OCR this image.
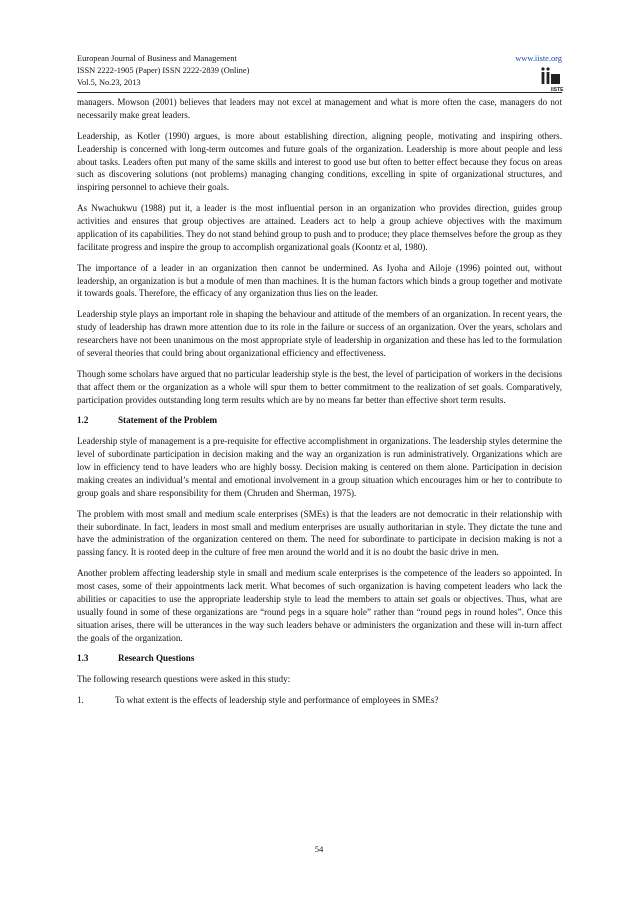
European Journal of Business and Management
ISSN 2222-1905 (Paper) ISSN 2222-2839 (Online)
Vol.5, No.23, 2013
www.iiste.org
IISTE

managers. Mowson (2001) believes that leaders may not excel at management and what is more often the case, managers do not necessarily make great leaders.

Leadership, as Kotler (1990) argues, is more about establishing direction, aligning people, motivating and inspiring others. Leadership is concerned with long-term outcomes and future goals of the organization. Leadership is more about people and less about tasks. Leaders often put many of the same skills and interest to good use but often to better effect because they focus on areas such as discovering solutions (not problems) managing changing conditions, excelling in spite of organizational structures, and inspiring personnel to achieve their goals.

As Nwachukwu (1988) put it, a leader is the most influential person in an organization who provides direction, guides group activities and ensures that group objectives are attained. Leaders act to help a group achieve objectives with the maximum application of its capabilities. They do not stand behind group to push and to produce; they place themselves before the group as they facilitate progress and inspire the group to accomplish organizational goals (Koontz et al, 1980).

The importance of a leader in an organization then cannot be undermined. As Iyoha and Ailoje (1996) pointed out, without leadership, an organization is but a module of men than machines. It is the human factors which binds a group together and motivate it towards goals. Therefore, the efficacy of any organization thus lies on the leader.

Leadership style plays an important role in shaping the behaviour and attitude of the members of an organization. In recent years, the study of leadership has drawn more attention due to its role in the failure or success of an organization. Over the years, scholars and researchers have not been unanimous on the most appropriate style of leadership in organization and these has led to the formulation of several theories that could bring about organizational efficiency and effectiveness.

Though some scholars have argued that no particular leadership style is the best, the level of participation of workers in the decisions that affect them or the organization as a whole will spur them to better commitment to the realization of set goals. Comparatively, participation provides outstanding long term results which are by no means far better than effective short term results.

1.2	Statement of the Problem

Leadership style of management is a pre-requisite for effective accomplishment in organizations. The leadership styles determine the level of subordinate participation in decision making and the way an organization is run administratively. Organizations which are low in efficiency tend to have leaders who are highly bossy. Decision making is centered on them alone. Participation in decision making creates an individual’s mental and emotional involvement in a group situation which encourages him or her to contribute to group goals and share responsibility for them (Chruden and Sherman, 1975).

The problem with most small and medium scale enterprises (SMEs) is that the leaders are not democratic in their relationship with their subordinate. In fact, leaders in most small and medium enterprises are usually authoritarian in style. They dictate the tune and have the administration of the organization centered on them. The need for subordinate to participate in decision making is not a passing fancy. It is rooted deep in the culture of free men around the world and it is no doubt the basic drive in men.

Another problem affecting leadership style in small and medium scale enterprises is the competence of the leaders so appointed. In most cases, some of their appointments lack merit. What becomes of such organization is having competent leaders who lack the abilities or capacities to use the appropriate leadership style to lead the members to attain set goals or objectives. Thus, what are usually found in some of these organizations are “round pegs in a square hole” rather than “round pegs in round holes”. Once this situation arises, there will be utterances in the way such leaders behave or administers the organization and these will in-turn affect the goals of the organization.

1.3	Research Questions

The following research questions were asked in this study:

1.	To what extent is the effects of leadership style and performance of employees in SMEs?

54
